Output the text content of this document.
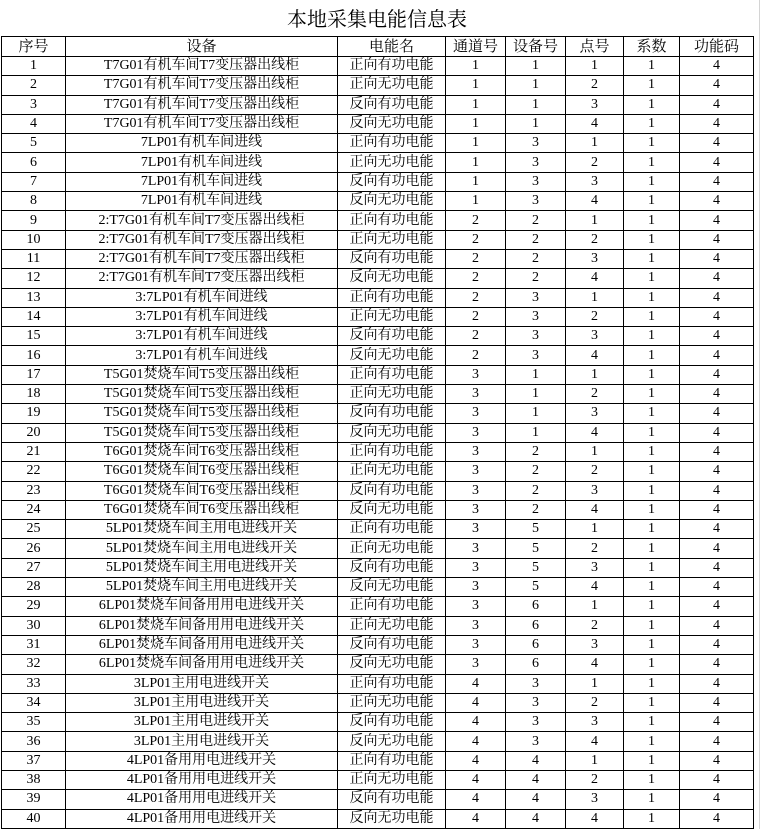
本地采集电能信息表
序号	设备	电能名	通道号	设备号	点号	系数	功能码
1	T7G01有机车间T7变压器出线柜	正向有功电能	1	1	1	1	4
2	T7G01有机车间T7变压器出线柜	正向无功电能	1	1	2	1	4
3	T7G01有机车间T7变压器出线柜	反向有功电能	1	1	3	1	4
4	T7G01有机车间T7变压器出线柜	反向无功电能	1	1	4	1	4
5	7LP01有机车间进线	正向有功电能	1	3	1	1	4
6	7LP01有机车间进线	正向无功电能	1	3	2	1	4
7	7LP01有机车间进线	反向有功电能	1	3	3	1	4
8	7LP01有机车间进线	反向无功电能	1	3	4	1	4
9	2:T7G01有机车间T7变压器出线柜	正向有功电能	2	2	1	1	4
10	2:T7G01有机车间T7变压器出线柜	正向无功电能	2	2	2	1	4
11	2:T7G01有机车间T7变压器出线柜	反向有功电能	2	2	3	1	4
12	2:T7G01有机车间T7变压器出线柜	反向无功电能	2	2	4	1	4
13	3:7LP01有机车间进线	正向有功电能	2	3	1	1	4
14	3:7LP01有机车间进线	正向无功电能	2	3	2	1	4
15	3:7LP01有机车间进线	反向有功电能	2	3	3	1	4
16	3:7LP01有机车间进线	反向无功电能	2	3	4	1	4
17	T5G01焚烧车间T5变压器出线柜	正向有功电能	3	1	1	1	4
18	T5G01焚烧车间T5变压器出线柜	正向无功电能	3	1	2	1	4
19	T5G01焚烧车间T5变压器出线柜	反向有功电能	3	1	3	1	4
20	T5G01焚烧车间T5变压器出线柜	反向无功电能	3	1	4	1	4
21	T6G01焚烧车间T6变压器出线柜	正向有功电能	3	2	1	1	4
22	T6G01焚烧车间T6变压器出线柜	正向无功电能	3	2	2	1	4
23	T6G01焚烧车间T6变压器出线柜	反向有功电能	3	2	3	1	4
24	T6G01焚烧车间T6变压器出线柜	反向无功电能	3	2	4	1	4
25	5LP01焚烧车间主用电进线开关	正向有功电能	3	5	1	1	4
26	5LP01焚烧车间主用电进线开关	正向无功电能	3	5	2	1	4
27	5LP01焚烧车间主用电进线开关	反向有功电能	3	5	3	1	4
28	5LP01焚烧车间主用电进线开关	反向无功电能	3	5	4	1	4
29	6LP01焚烧车间备用用电进线开关	正向有功电能	3	6	1	1	4
30	6LP01焚烧车间备用用电进线开关	正向无功电能	3	6	2	1	4
31	6LP01焚烧车间备用用电进线开关	反向有功电能	3	6	3	1	4
32	6LP01焚烧车间备用用电进线开关	反向无功电能	3	6	4	1	4
33	3LP01主用电进线开关	正向有功电能	4	3	1	1	4
34	3LP01主用电进线开关	正向无功电能	4	3	2	1	4
35	3LP01主用电进线开关	反向有功电能	4	3	3	1	4
36	3LP01主用电进线开关	反向无功电能	4	3	4	1	4
37	4LP01备用用电进线开关	正向有功电能	4	4	1	1	4
38	4LP01备用用电进线开关	正向无功电能	4	4	2	1	4
39	4LP01备用用电进线开关	反向有功电能	4	4	3	1	4
40	4LP01备用用电进线开关	反向无功电能	4	4	4	1	4
